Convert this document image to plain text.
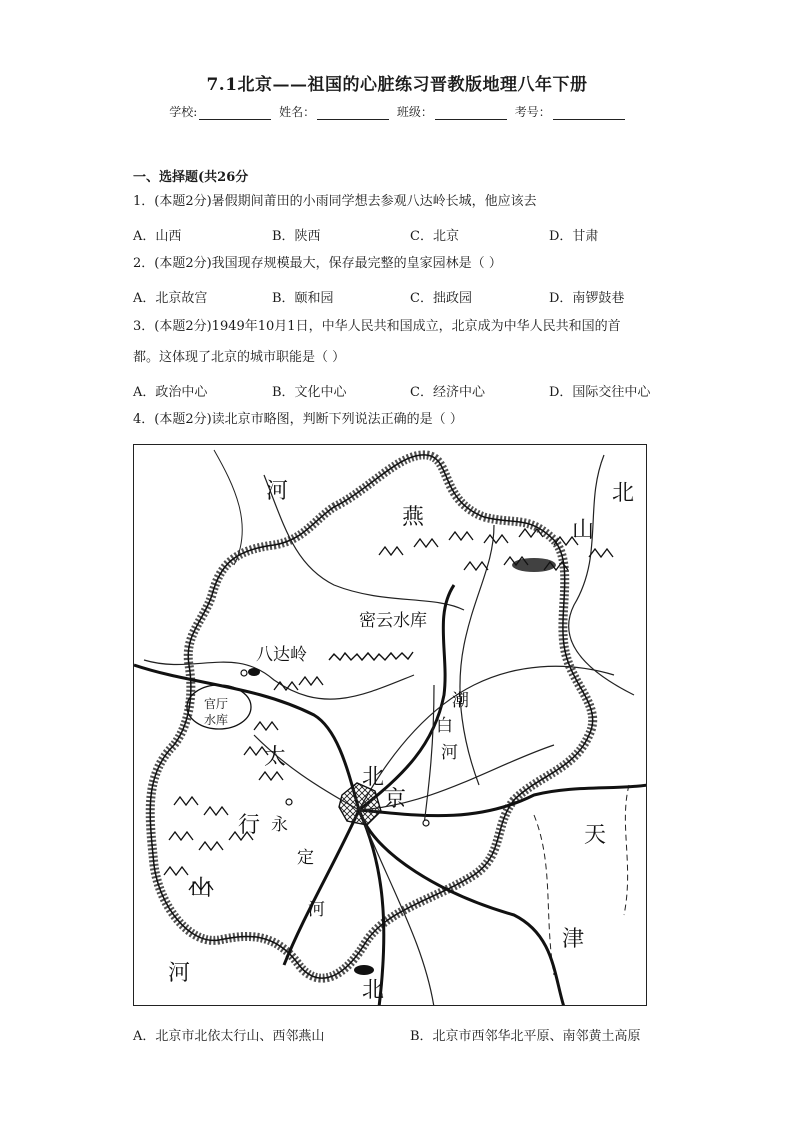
7.1北京——祖国的心脏练习晋教版地理八年下册
学校:	姓名：	班级：	考号：
一、选择题(共26分
1．(本题2分)暑假期间莆田的小雨同学想去参观八达岭长城，他应该去
A．山西	B．陕西	C．北京	D．甘肃
2．(本题2分)我国现存规模最大，保存最完整的皇家园林是（ ）
A．北京故宫	B．颐和园	C．拙政园	D．南锣鼓巷
3．(本题2分)1949年10月1日，中华人民共和国成立，北京成为中华人民共和国的首
都。这体现了北京的城市职能是（ ）
A．政治中心	B．文化中心	C．经济中心	D．国际交往中心
4．(本题2分)读北京市略图，判断下列说法正确的是（ ）
河	北
燕
山
密云水库
八达岭
官厅
水库
潮
白
河
太
北
京
永
行
定
天
山
河
津
河
北
A．北京市北依太行山、西邻燕山	B．北京市西邻华北平原、南邻黄土高原
